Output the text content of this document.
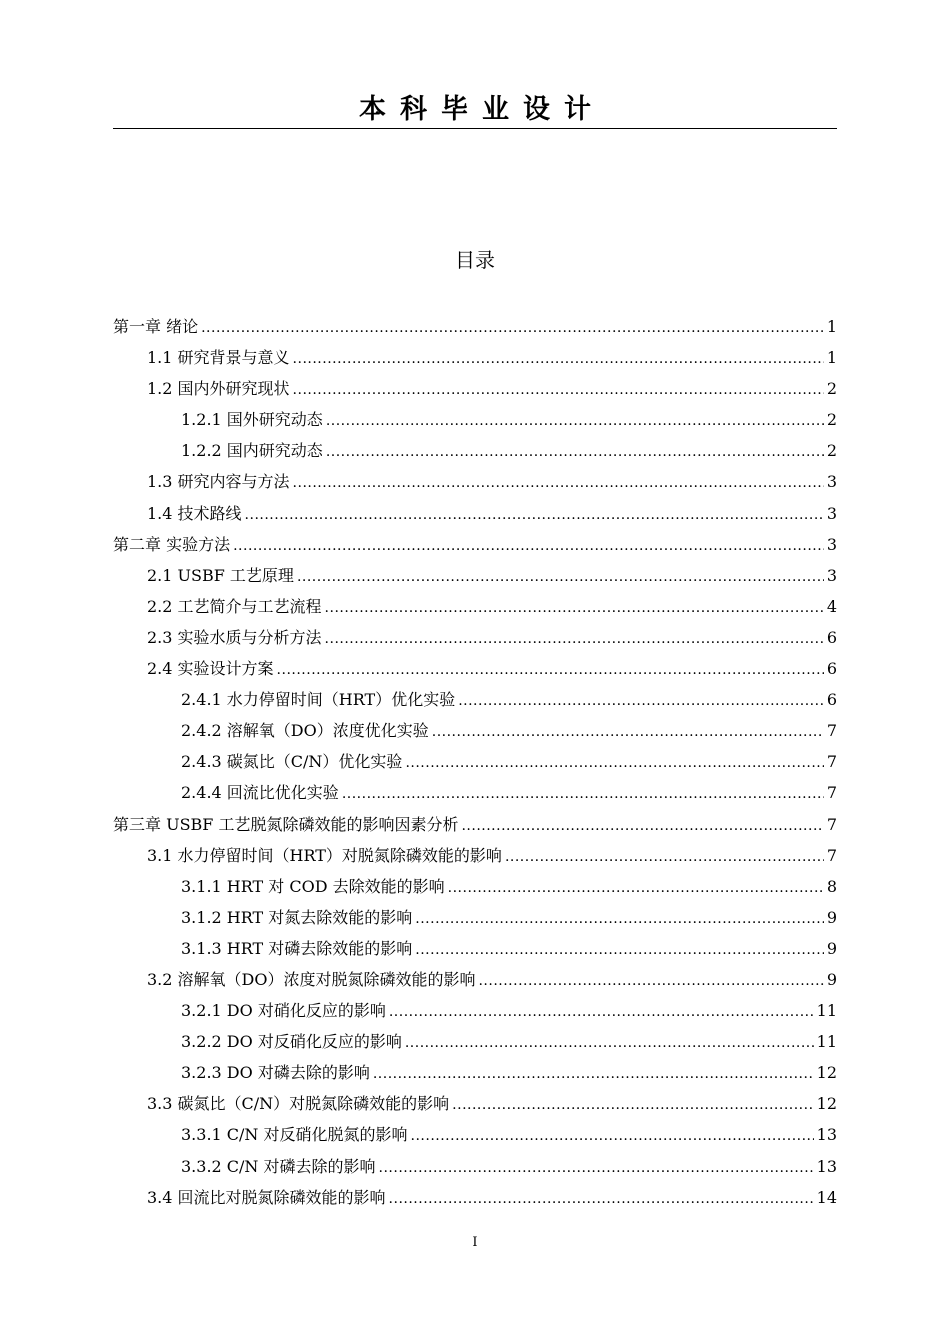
本科毕业设计
目录
第一章 绪论 .....	1
1.1 研究背景与意义 .....	1
1.2 国内外研究现状 .....	2
1.2.1 国外研究动态 .....	2
1.2.2 国内研究动态 .....	2
1.3 研究内容与方法 .....	3
1.4 技术路线 .....	3
第二章 实验方法 .....	3
2.1 USBF 工艺原理 .....	3
2.2 工艺简介与工艺流程 .....	4
2.3 实验水质与分析方法 .....	6
2.4 实验设计方案 .....	6
2.4.1 水力停留时间（HRT）优化实验 .....	6
2.4.2 溶解氧（DO）浓度优化实验 .....	7
2.4.3 碳氮比（C/N）优化实验 .....	7
2.4.4 回流比优化实验 .....	7
第三章 USBF 工艺脱氮除磷效能的影响因素分析 .....	7
3.1 水力停留时间（HRT）对脱氮除磷效能的影响 .....	7
3.1.1 HRT 对 COD 去除效能的影响 .....	8
3.1.2 HRT 对氮去除效能的影响 .....	9
3.1.3 HRT 对磷去除效能的影响 .....	9
3.2 溶解氧（DO）浓度对脱氮除磷效能的影响 .....	9
3.2.1 DO 对硝化反应的影响 .....	11
3.2.2 DO 对反硝化反应的影响 .....	11
3.2.3 DO 对磷去除的影响 .....	12
3.3 碳氮比（C/N）对脱氮除磷效能的影响 .....	12
3.3.1 C/N 对反硝化脱氮的影响 .....	13
3.3.2 C/N 对磷去除的影响 .....	13
3.4 回流比对脱氮除磷效能的影响 .....	14
I
